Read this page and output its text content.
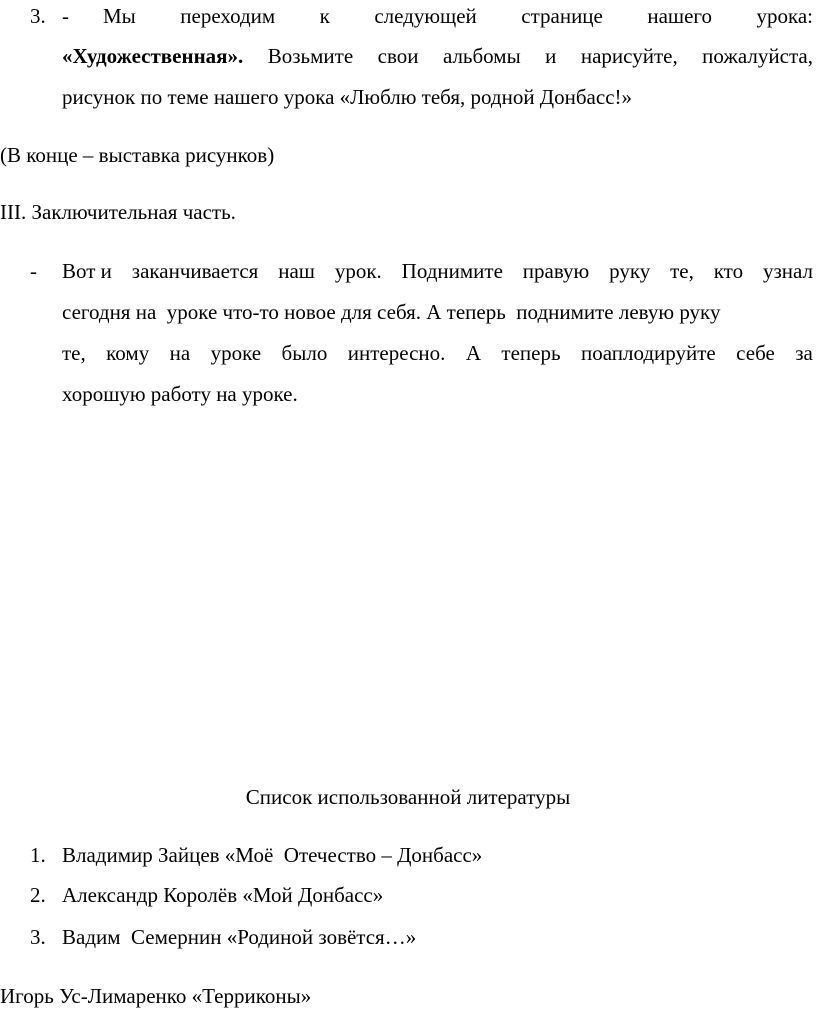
3. - Мы переходим к следующей странице нашего урока:
«Художественная». Возьмите свои альбомы и нарисуйте, пожалуйста,
рисунок по теме нашего урока «Люблю тебя, родной Донбасс!»
(В конце – выставка рисунков)
III. Заключительная часть.
- Вот и заканчивается наш урок. Поднимите правую руку те, кто узнал
сегодня на  уроке что-то новое для себя. А теперь  поднимите левую руку
те, кому на уроке было интересно. А теперь поаплодируйте себе за
хорошую работу на уроке.
Список использованной литературы
1. Владимир Зайцев «Моё  Отечество – Донбасс»
2. Александр Королёв «Мой Донбасс»
3. Вадим  Семернин «Родиной зовётся…»
Игорь Ус-Лимаренко «Терриконы»
